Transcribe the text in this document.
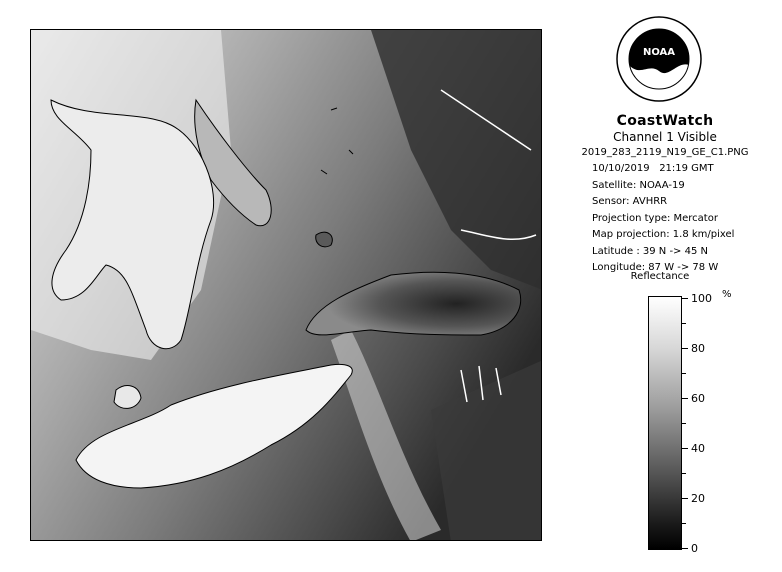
NOAA
CoastWatch
Channel 1 Visible
2019_283_2119_N19_GE_C1.PNG
10/10/2019 21:19 GMT
Satellite: NOAA-19
Sensor: AVHRR
Projection type: Mercator
Map projection: 1.8 km/pixel
Latitude : 39 N -> 45 N
Longitude: 87 W -> 78 W
Reflectance
%
100
80
60
40
20
0
